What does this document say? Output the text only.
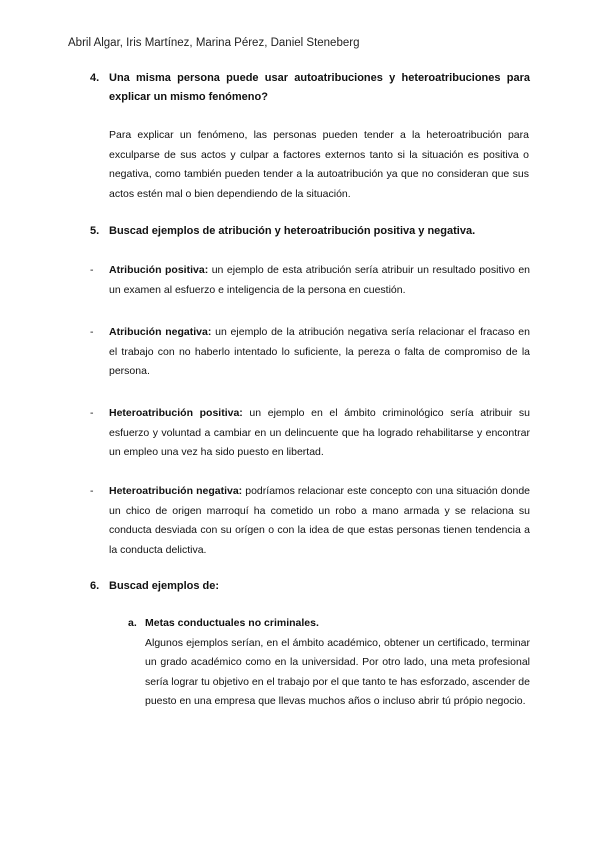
Abril Algar, Iris Martínez, Marina Pérez, Daniel Steneberg
4. Una misma persona puede usar autoatribuciones y heteroatribuciones para explicar un mismo fenómeno?
Para explicar un fenómeno, las personas pueden tender a la heteroatribución para exculparse de sus actos y culpar a factores externos tanto si la situación es positiva o negativa, como también pueden tender a la autoatribución ya que no consideran que sus actos estén mal o bien dependiendo de la situación.
5. Buscad ejemplos de atribución y heteroatribución positiva y negativa.
- Atribución positiva: un ejemplo de esta atribución sería atribuir un resultado positivo en un examen al esfuerzo e inteligencia de la persona en cuestión.
- Atribución negativa: un ejemplo de la atribución negativa sería relacionar el fracaso en el trabajo con no haberlo intentado lo suficiente, la pereza o falta de compromiso de la persona.
- Heteroatribución positiva: un ejemplo en el ámbito criminológico sería atribuir su esfuerzo y voluntad a cambiar en un delincuente que ha logrado rehabilitarse y encontrar un empleo una vez ha sido puesto en libertad.
- Heteroatribución negativa: podríamos relacionar este concepto con una situación donde un chico de origen marroquí ha cometido un robo a mano armada y se relaciona su conducta desviada con su orígen o con la idea de que estas personas tienen tendencia a la conducta delictiva.
6. Buscad ejemplos de:
a. Metas conductuales no criminales.
Algunos ejemplos serían, en el ámbito académico, obtener un certificado, terminar un grado académico como en la universidad. Por otro lado, una meta profesional sería lograr tu objetivo en el trabajo por el que tanto te has esforzado, ascender de puesto en una empresa que llevas muchos años o incluso abrir tú própio negocio.
